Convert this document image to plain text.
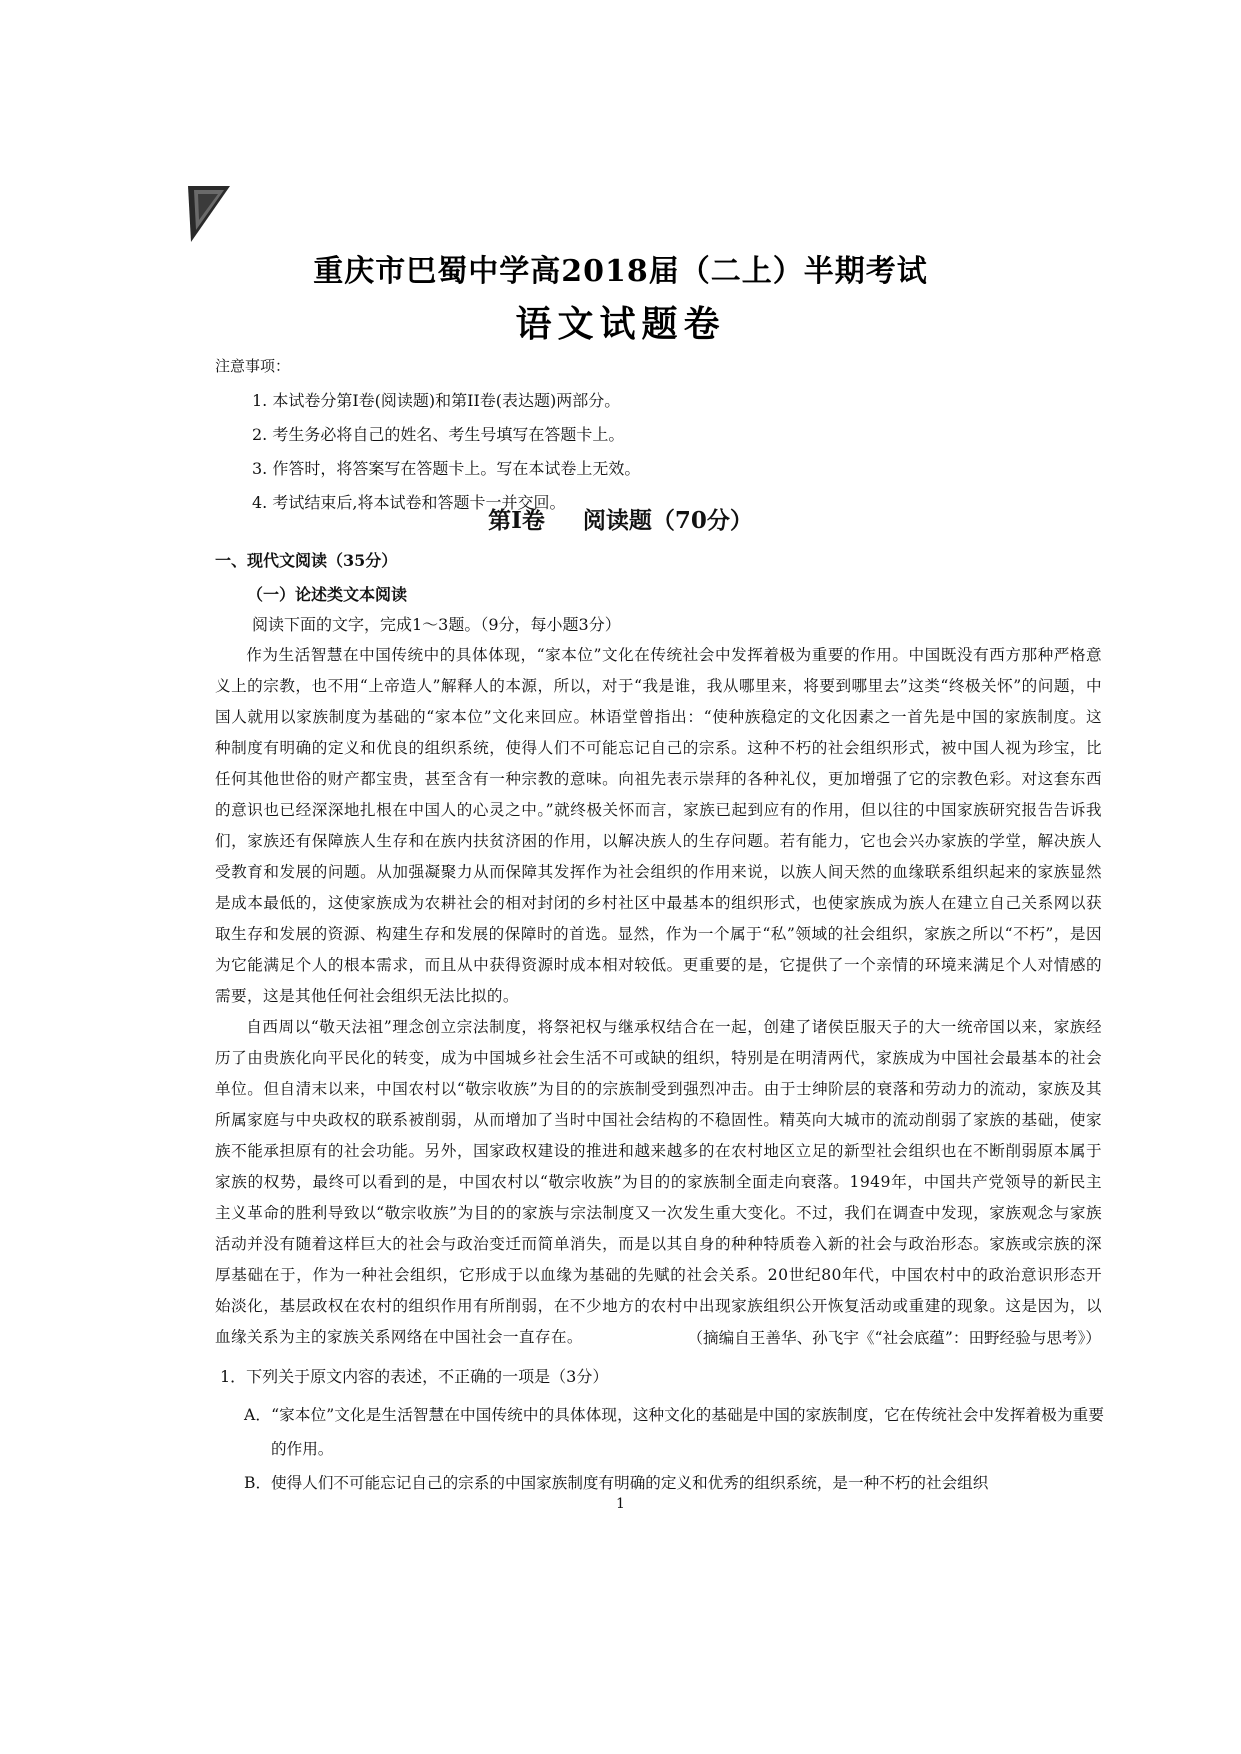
重庆市巴蜀中学高2018届（二上）半期考试
语文试题卷
注意事项：
1. 本试卷分第Ⅰ卷(阅读题)和第II卷(表达题)两部分。
2. 考生务必将自己的姓名、考生号填写在答题卡上。
3. 作答时，将答案写在答题卡上。写在本试卷上无效。
4. 考试结束后,将本试卷和答题卡一并交回。
第Ⅰ卷 阅读题（70分）
一、现代文阅读（35分）
（一）论述类文本阅读
阅读下面的文字，完成1～3题。（9分，每小题3分）

作为生活智慧在中国传统中的具体体现，“家本位”文化在传统社会中发挥着极为重要的作用。中国既没有西方那种严格意义上的宗教，也不用“上帝造人”解释人的本源，所以，对于“我是谁，我从哪里来，将要到哪里去”这类“终极关怀”的问题，中国人就用以家族制度为基础的“家本位”文化来回应。林语堂曾指出：“使种族稳定的文化因素之一首先是中国的家族制度。这种制度有明确的定义和优良的组织系统，使得人们不可能忘记自己的宗系。这种不朽的社会组织形式，被中国人视为珍宝，比任何其他世俗的财产都宝贵，甚至含有一种宗教的意味。向祖先表示崇拜的各种礼仪，更加增强了它的宗教色彩。对这套东西的意识也已经深深地扎根在中国人的心灵之中。”就终极关怀而言，家族已起到应有的作用，但以往的中国家族研究报告告诉我们，家族还有保障族人生存和在族内扶贫济困的作用，以解决族人的生存问题。若有能力，它也会兴办家族的学堂，解决族人受教育和发展的问题。从加强凝聚力从而保障其发挥作为社会组织的作用来说，以族人间天然的血缘联系组织起来的家族显然是成本最低的，这使家族成为农耕社会的相对封闭的乡村社区中最基本的组织形式，也使家族成为族人在建立自己关系网以获取生存和发展的资源、构建生存和发展的保障时的首选。显然，作为一个属于“私”领域的社会组织，家族之所以“不朽”，是因为它能满足个人的根本需求，而且从中获得资源时成本相对较低。更重要的是，它提供了一个亲情的环境来满足个人对情感的需要，这是其他任何社会组织无法比拟的。

自西周以“敬天法祖”理念创立宗法制度，将祭祀权与继承权结合在一起，创建了诸侯臣服天子的大一统帝国以来，家族经历了由贵族化向平民化的转变，成为中国城乡社会生活不可或缺的组织，特别是在明清两代，家族成为中国社会最基本的社会单位。但自清末以来，中国农村以“敬宗收族”为目的的宗族制受到强烈冲击。由于士绅阶层的衰落和劳动力的流动，家族及其所属家庭与中央政权的联系被削弱，从而增加了当时中国社会结构的不稳固性。精英向大城市的流动削弱了家族的基础，使家族不能承担原有的社会功能。另外，国家政权建设的推进和越来越多的在农村地区立足的新型社会组织也在不断削弱原本属于家族的权势，最终可以看到的是，中国农村以“敬宗收族”为目的的家族制全面走向衰落。1949年，中国共产党领导的新民主主义革命的胜利导致以“敬宗收族”为目的的家族与宗法制度又一次发生重大变化。不过，我们在调查中发现，家族观念与家族活动并没有随着这样巨大的社会与政治变迁而简单消失，而是以其自身的种种特质卷入新的社会与政治形态。家族或宗族的深厚基础在于，作为一种社会组织，它形成于以血缘为基础的先赋的社会关系。20世纪80年代，中国农村中的政治意识形态开始淡化，基层政权在农村的组织作用有所削弱，在不少地方的农村中出现家族组织公开恢复活动或重建的现象。这是因为，以血缘关系为主的家族关系网络在中国社会一直存在。	（摘编自王善华、孙飞宇《“社会底蕴”：田野经验与思考》）
1．下列关于原文内容的表述，不正确的一项是（3分）
A．“家本位”文化是生活智慧在中国传统中的具体体现，这种文化的基础是中国的家族制度，它在传统社会中发挥着极为重要的作用。
B．使得人们不可能忘记自己的宗系的中国家族制度有明确的定义和优秀的组织系统，是一种不朽的社会组织
1
